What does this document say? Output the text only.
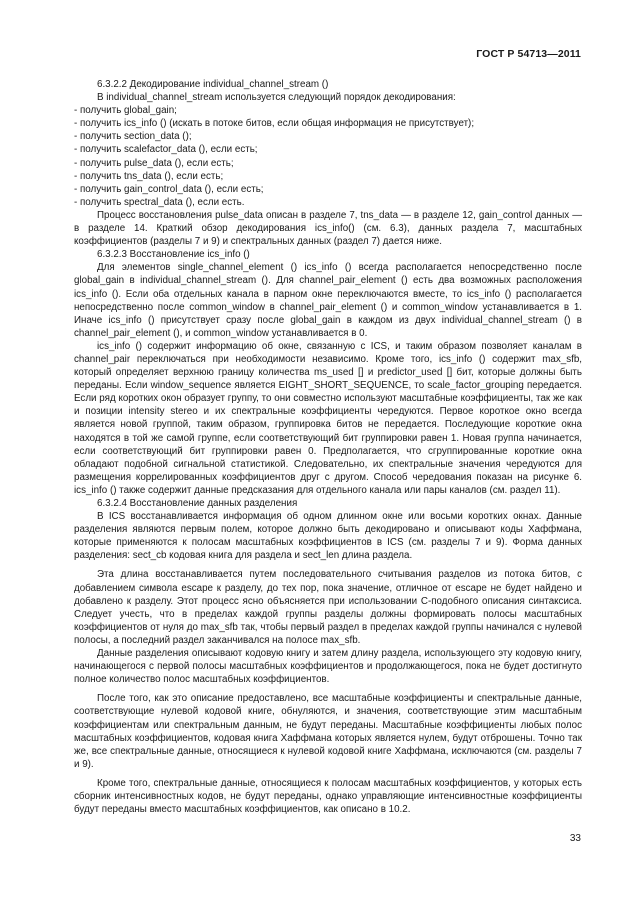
ГОСТ Р 54713—2011

6.3.2.2 Декодирование individual_channel_stream ()

В individual_channel_stream используется следующий порядок декодирования:

- получить global_gain;

- получить ics_info () (искать в потоке битов, если общая информация не присутствует);

- получить section_data ();

- получить scalefactor_data (), если есть;

- получить pulse_data (), если есть;

- получить tns_data (), если есть;

- получить gain_control_data (), если есть;

- получить spectral_data (), если есть.

Процесс восстановления pulse_data описан в разделе 7, tns_data — в разделе 12, gain_control данных — в разделе 14. Краткий обзор декодирования ics_info() (см. 6.3), данных раздела 7, масштабных коэффициентов (разделы 7 и 9) и спектральных данных (раздел 7) дается ниже.

6.3.2.3 Восстановление ics_info ()

Для элементов single_channel_element () ics_info () всегда располагается непосредственно после global_gain в individual_channel_stream (). Для channel_pair_element () есть два возможных расположения ics_info (). Если оба отдельных канала в парном окне переключаются вместе, то ics_info () располагается непосредственно после common_window в channel_pair_element () и common_window устанавливается в 1. Иначе ics_info () присутствует сразу после global_gain в каждом из двух individual_channel_stream () в channel_pair_element (), и common_window устанавливается в 0.

ics_info () содержит информацию об окне, связанную с ICS, и таким образом позволяет каналам в channel_pair переключаться при необходимости независимо. Кроме того, ics_info () содержит max_sfb, который определяет верхнюю границу количества ms_used [] и predictor_used [] бит, которые должны быть переданы. Если window_sequence является EIGHT_SHORT_SEQUENCE, то scale_factor_grouping передается. Если ряд коротких окон образует группу, то они совместно используют масштабные коэффициенты, так же как и позиции intensity stereo и их спектральные коэффициенты чередуются. Первое короткое окно всегда является новой группой, таким образом, группировка битов не передается. Последующие короткие окна находятся в той же самой группе, если соответствующий бит группировки равен 1. Новая группа начинается, если соответствующий бит группировки равен 0. Предполагается, что сгруппированные короткие окна обладают подобной сигнальной статистикой. Следовательно, их спектральные значения чередуются для размещения коррелированных коэффициентов друг с другом. Способ чередования показан на рисунке 6. ics_info () также содержит данные предсказания для отдельного канала или пары каналов (см. раздел 11).

6.3.2.4 Восстановление данных разделения

В ICS восстанавливается информация об одном длинном окне или восьми коротких окнах. Данные разделения являются первым полем, которое должно быть декодировано и описывают коды Хаффмана, которые применяются к полосам масштабных коэффициентов в ICS (см. разделы 7 и 9). Форма данных разделения: sect_cb кодовая книга для раздела и sect_len длина раздела.

Эта длина восстанавливается путем последовательного считывания разделов из потока битов, с добавлением символа escape к разделу, до тех пор, пока значение, отличное от escape не будет найдено и добавлено к разделу. Этот процесс ясно объясняется при использовании С-подобного описания синтаксиса. Следует учесть, что в пределах каждой группы разделы должны формировать полосы масштабных коэффициентов от нуля до max_sfb так, чтобы первый раздел в пределах каждой группы начинался с нулевой полосы, а последний раздел заканчивался на полосе max_sfb.

Данные разделения описывают кодовую книгу и затем длину раздела, использующего эту кодовую книгу, начинающегося с первой полосы масштабных коэффициентов и продолжающегося, пока не будет достигнуто полное количество полос масштабных коэффициентов.

После того, как это описание предоставлено, все масштабные коэффициенты и спектральные данные, соответствующие нулевой кодовой книге, обнуляются, и значения, соответствующие этим масштабным коэффициентам или спектральным данным, не будут переданы. Масштабные коэффициенты любых полос масштабных коэффициентов, кодовая книга Хаффмана которых является нулем, будут отброшены. Точно так же, все спектральные данные, относящиеся к нулевой кодовой книге Хаффмана, исключаются (см. разделы 7 и 9).

Кроме того, спектральные данные, относящиеся к полосам масштабных коэффициентов, у которых есть сборник интенсивностных кодов, не будут переданы, однако управляющие интенсивностные коэффициенты будут переданы вместо масштабных коэффициентов, как описано в 10.2.

33
